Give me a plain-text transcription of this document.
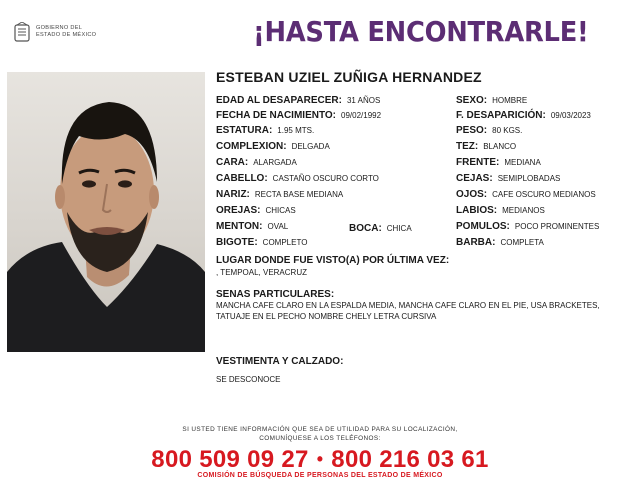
GOBIERNO DEL
ESTADO DE MÉXICO	¡HASTA ENCONTRARLE!
ESTEBAN UZIEL ZUÑIGA HERNANDEZ
EDAD AL DESAPARECER: 31 AÑOS	SEXO: HOMBRE
FECHA DE NACIMIENTO: 09/02/1992	F. DESAPARICIÓN: 09/03/2023
ESTATURA: 1.95 MTS.	PESO: 80 KGS.
COMPLEXION: DELGADA	TEZ: BLANCO
CARA: ALARGADA	FRENTE: MEDIANA
CABELLO: CASTAÑO OSCURO CORTO	CEJAS: SEMIPLOBADAS
NARIZ: RECTA BASE MEDIANA	OJOS: CAFE OSCURO MEDIANOS
OREJAS: CHICAS	LABIOS: MEDIANOS
MENTON: OVAL	BOCA: CHICA	POMULOS: POCO PROMINENTES
BIGOTE: COMPLETO	BARBA: COMPLETA
LUGAR DONDE FUE VISTO(A) POR ÚLTIMA VEZ:
, TEMPOAL, VERACRUZ
SENAS PARTICULARES:
MANCHA CAFE CLARO EN LA ESPALDA MEDIA, MANCHA CAFE CLARO EN EL PIE, USA BRACKETES, TATUAJE EN EL PECHO NOMBRE CHELY LETRA CURSIVA
VESTIMENTA Y CALZADO:
SE DESCONOCE
SI USTED TIENE INFORMACIÓN QUE SEA DE UTILIDAD PARA SU LOCALIZACIÓN,
COMUNÍQUESE A LOS TELÉFONOS:
800 509 09 27 • 800 216 03 61
COMISIÓN DE BÚSQUEDA DE PERSONAS DEL ESTADO DE MÉXICO
